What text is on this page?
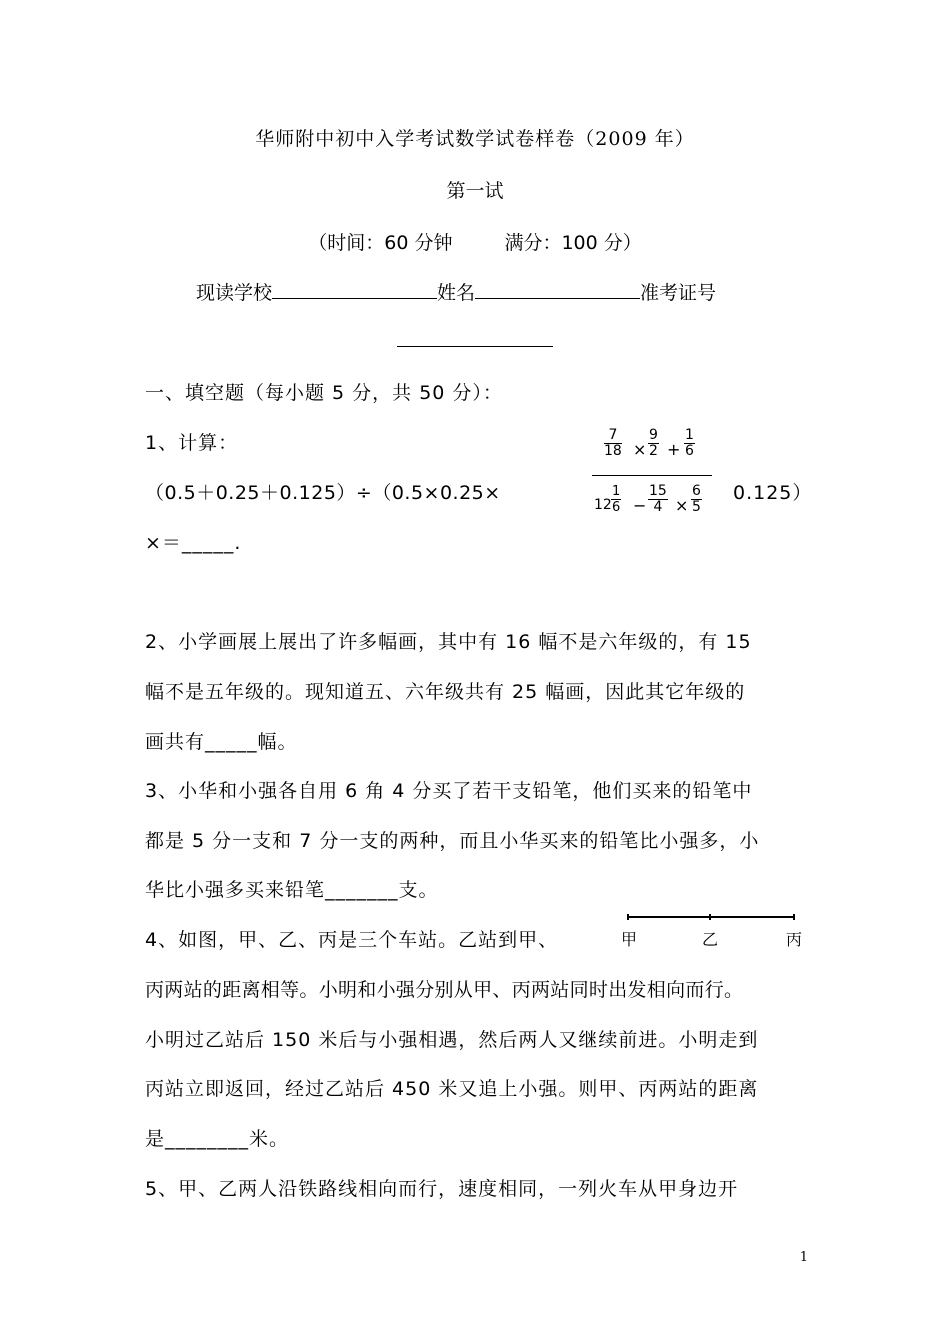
华师附中初中入学考试数学试卷样卷（2009 年）
第一试
（时间：60 分钟	满分：100 分）
现读学校	姓名	准考证号
一、填空题（每小题 5 分，共 50 分）：
1、计算：
（0.5＋0.25＋0.125）÷（0.5×0.25×
$\frac{7}{18} \times \frac{9}{2} + \frac{1}{6}$
$12 \frac{1}{6} - \frac{15}{4} \times \frac{6}{5} 0.125$）
×＝_____.
2、小学画展上展出了许多幅画，其中有 16 幅不是六年级的，有 15
幅不是五年级的。现知道五、六年级共有 25 幅画，因此其它年级的
画共有_____幅。
3、小华和小强各自用 6 角 4 分买了若干支铅笔，他们买来的铅笔中
都是 5 分一支和 7 分一支的两种，而且小华买来的铅笔比小强多，小
华比小强多买来铅笔_______支。
4、如图，甲、乙、丙是三个车站。乙站到甲、	甲	乙	丙
丙两站的距离相等。小明和小强分别从甲、丙两站同时出发相向而行。
小明过乙站后 150 米后与小强相遇，然后两人又继续前进。小明走到
丙站立即返回，经过乙站后 450 米又追上小强。则甲、丙两站的距离
是________米。
5、甲、乙两人沿铁路线相向而行，速度相同，一列火车从甲身边开
1
